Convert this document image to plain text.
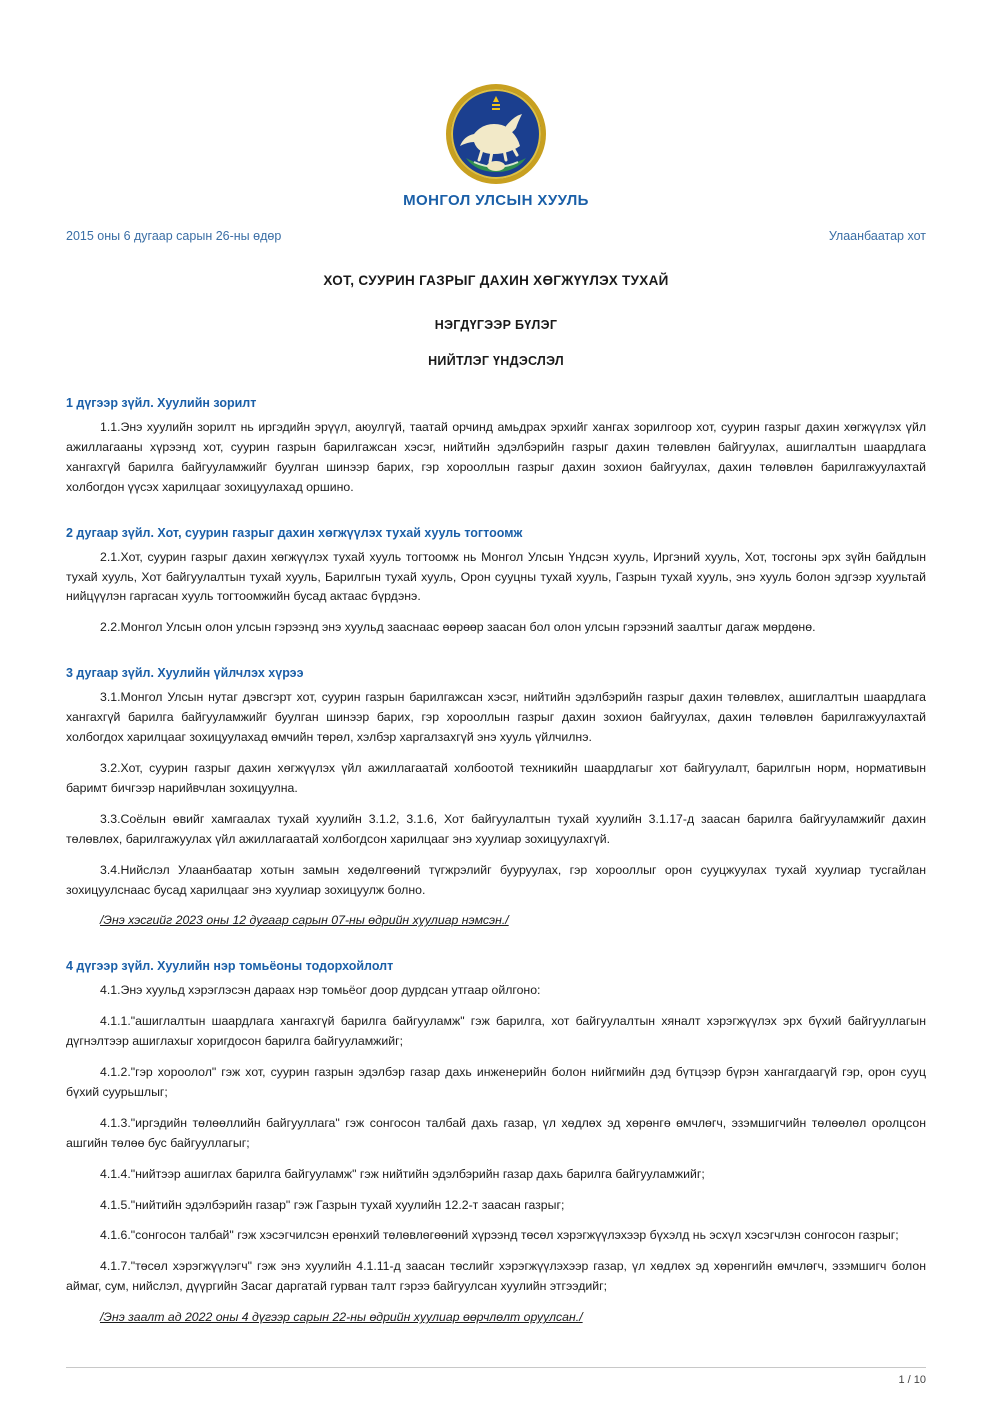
МОНГОЛ УЛСЫН ХУУЛЬ
2015 оны 6 дугаар сарын 26-ны өдөр	Улаанбаатар хот
ХОТ, СУУРИН ГАЗРЫГ ДАХИН ХӨГЖҮҮЛЭХ ТУХАЙ
НЭГДҮГЭЭР БҮЛЭГ
НИЙТЛЭГ ҮНДЭСЛЭЛ
1 дүгээр зүйл. Хуулийн зорилт

1.1.Энэ хуулийн зорилт нь иргэдийн эрүүл, аюулгүй, таатай орчинд амьдрах эрхийг хангах зорилгоор хот, суурин газрыг дахин хөгжүүлэх үйл ажиллагааны хүрээнд хот, суурин газрын барилгажсан хэсэг, нийтийн эдэлбэрийн газрыг дахин төлөвлөн байгуулах, ашиглалтын шаардлага хангахгүй барилга байгууламжийг буулган шинээр барих, гэр хорооллын газрыг дахин зохион байгуулах, дахин төлөвлөн барилгажуулахтай холбогдон үүсэх харилцааг зохицуулахад оршино.

2 дугаар зүйл. Хот, суурин газрыг дахин хөгжүүлэх тухай хууль тогтоомж

2.1.Хот, суурин газрыг дахин хөгжүүлэх тухай хууль тогтоомж нь Монгол Улсын Үндсэн хууль, Иргэний хууль, Хот, тосгоны эрх зүйн байдлын тухай хууль, Хот байгуулалтын тухай хууль, Барилгын тухай хууль, Орон сууцны тухай хууль, Газрын тухай хууль, энэ хууль болон эдгээр хуультай нийцүүлэн гаргасан хууль тогтоомжийн бусад актаас бүрдэнэ.

2.2.Монгол Улсын олон улсын гэрээнд энэ хуульд зааснаас өөрөөр заасан бол олон улсын гэрээний заалтыг дагаж мөрдөнө.

3 дугаар зүйл. Хуулийн үйлчлэх хүрээ

3.1.Монгол Улсын нутаг дэвсгэрт хот, суурин газрын барилгажсан хэсэг, нийтийн эдэлбэрийн газрыг дахин төлөвлөх, ашиглалтын шаардлага хангахгүй барилга байгууламжийг буулган шинээр барих, гэр хорооллын газрыг дахин зохион байгуулах, дахин төлөвлөн барилгажуулахтай холбогдох харилцааг зохицуулахад өмчийн төрөл, хэлбэр харгалзахгүй энэ хууль үйлчилнэ.

3.2.Хот, суурин газрыг дахин хөгжүүлэх үйл ажиллагаатай холбоотой техникийн шаардлагыг хот байгуулалт, барилгын норм, нормативын баримт бичгээр нарийвчлан зохицуулна.

3.3.Соёлын өвийг хамгаалах тухай хуулийн 3.1.2, 3.1.6, Хот байгуулалтын тухай хуулийн 3.1.17-д заасан барилга байгууламжийг дахин төлөвлөх, барилгажуулах үйл ажиллагаатай холбогдсон харилцааг энэ хуулиар зохицуулахгүй.

3.4.Нийслэл Улаанбаатар хотын замын хөдөлгөөний түгжрэлийг бууруулах, гэр хорооллыг орон сууцжуулах тухай хуулиар тусгайлан зохицуулснаас бусад харилцааг энэ хуулиар зохицуулж болно.

/Энэ хэсгийг 2023 оны 12 дугаар сарын 07-ны өдрийн хуулиар нэмсэн./

4 дүгээр зүйл. Хуулийн нэр томьёоны тодорхойлолт

4.1.Энэ хуульд хэрэглэсэн дараах нэр томьёог доор дурдсан утгаар ойлгоно:

4.1.1."ашиглалтын шаардлага хангахгүй барилга байгууламж" гэж барилга, хот байгуулалтын хяналт хэрэгжүүлэх эрх бүхий байгууллагын дүгнэлтээр ашиглахыг хоригдосон барилга байгууламжийг;

4.1.2."гэр хороолол" гэж хот, суурин газрын эдэлбэр газар дахь инженерийн болон нийгмийн дэд бүтцээр бүрэн хангагдаагүй гэр, орон сууц бүхий суурьшлыг;

4.1.3."иргэдийн төлөөллийн байгууллага" гэж сонгосон талбай дахь газар, үл хөдлөх эд хөрөнгө өмчлөгч, эзэмшигчийн төлөөлөл оролцсон ашгийн төлөө бус байгууллагыг;

4.1.4."нийтээр ашиглах барилга байгууламж" гэж нийтийн эдэлбэрийн газар дахь барилга байгууламжийг;

4.1.5."нийтийн эдэлбэрийн газар" гэж Газрын тухай хуулийн 12.2-т заасан газрыг;

4.1.6."сонгосон талбай" гэж хэсэгчилсэн ерөнхий төлөвлөгөөний хүрээнд төсөл хэрэгжүүлэхээр бүхэлд нь эсхүл хэсэгчлэн сонгосон газрыг;

4.1.7."төсөл хэрэгжүүлэгч" гэж энэ хуулийн 4.1.11-д заасан төслийг хэрэгжүүлэхээр газар, үл хөдлөх эд хөрөнгийн өмчлөгч, эзэмшигч болон аймаг, сум, нийслэл, дүүргийн Засаг даргатай гурван талт гэрээ байгуулсан хуулийн этгээдийг;

/Энэ заалт ад 2022 оны 4 дүгээр сарын 22-ны өдрийн хуулиар өөрчлөлт оруулсан./

1 / 10
